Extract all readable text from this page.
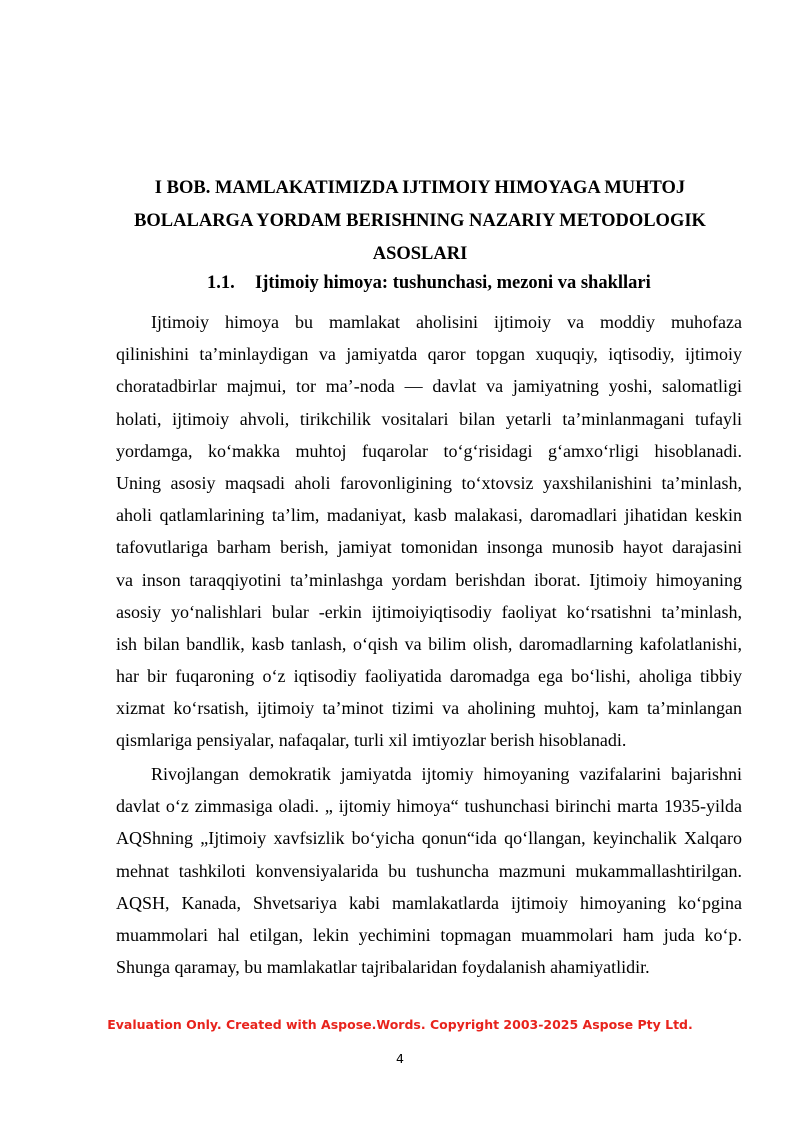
I BOB. MAMLAKATIMIZDA IJTIMOIY HIMOYAGA MUHTOJ
BOLALARGA YORDAM BERISHNING NAZARIY METODOLOGIK
ASOSLARI
1.1. Ijtimoiy himoya: tushunchasi, mezoni va shakllari
Ijtimoiy himoya bu mamlakat aholisini ijtimoiy va moddiy muhofaza
qilinishini taʼminlaydigan va jamiyatda qaror topgan xuquqiy, iqtisodiy, ijtimoiy
choratadbirlar majmui, tor maʼ-noda — davlat va jamiyatning yoshi, salomatligi
holati, ijtimoiy ahvoli, tirikchilik vositalari bilan yetarli taʼminlanmagani tufayli
yordamga, koʻmakka muhtoj fuqarolar toʻgʻrisidagi gʻamxoʻrligi hisoblanadi.
Uning asosiy maqsadi aholi farovonligining toʻxtovsiz yaxshilanishini taʼminlash,
aholi qatlamlarining taʼlim, madaniyat, kasb malakasi, daromadlari jihatidan keskin
tafovutlariga barham berish, jamiyat tomonidan insonga munosib hayot darajasini
va inson taraqqiyotini taʼminlashga yordam berishdan iborat. Ijtimoiy himoyaning
asosiy yoʻnalishlari bular -erkin ijtimoiyiqtisodiy faoliyat koʻrsatishni taʼminlash,
ish bilan bandlik, kasb tanlash, oʻqish va bilim olish, daromadlarning kafolatlanishi,
har bir fuqaroning oʻz iqtisodiy faoliyatida daromadga ega boʻlishi, aholiga tibbiy
xizmat koʻrsatish, ijtimoiy taʼminot tizimi va aholining muhtoj, kam taʼminlangan
qismlariga pensiyalar, nafaqalar, turli xil imtiyozlar berish hisoblanadi.
Rivojlangan demokratik jamiyatda ijtomiy himoyaning vazifalarini bajarishni
davlat oʻz zimmasiga oladi. „ ijtomiy himoya“ tushunchasi birinchi marta 1935-yilda
AQShning „Ijtimoiy xavfsizlik boʻyicha qonun“ida qoʻllangan, keyinchalik Xalqaro
mehnat tashkiloti konvensiyalarida bu tushuncha mazmuni mukammallashtirilgan.
AQSH, Kanada, Shvetsariya kabi mamlakatlarda ijtimoiy himoyaning koʻpgina
muammolari hal etilgan, lekin yechimini topmagan muammolari ham juda koʻp.
Shunga qaramay, bu mamlakatlar tajribalaridan foydalanish ahamiyatlidir.
Evaluation Only. Created with Aspose.Words. Copyright 2003-2025 Aspose Pty Ltd.
4
